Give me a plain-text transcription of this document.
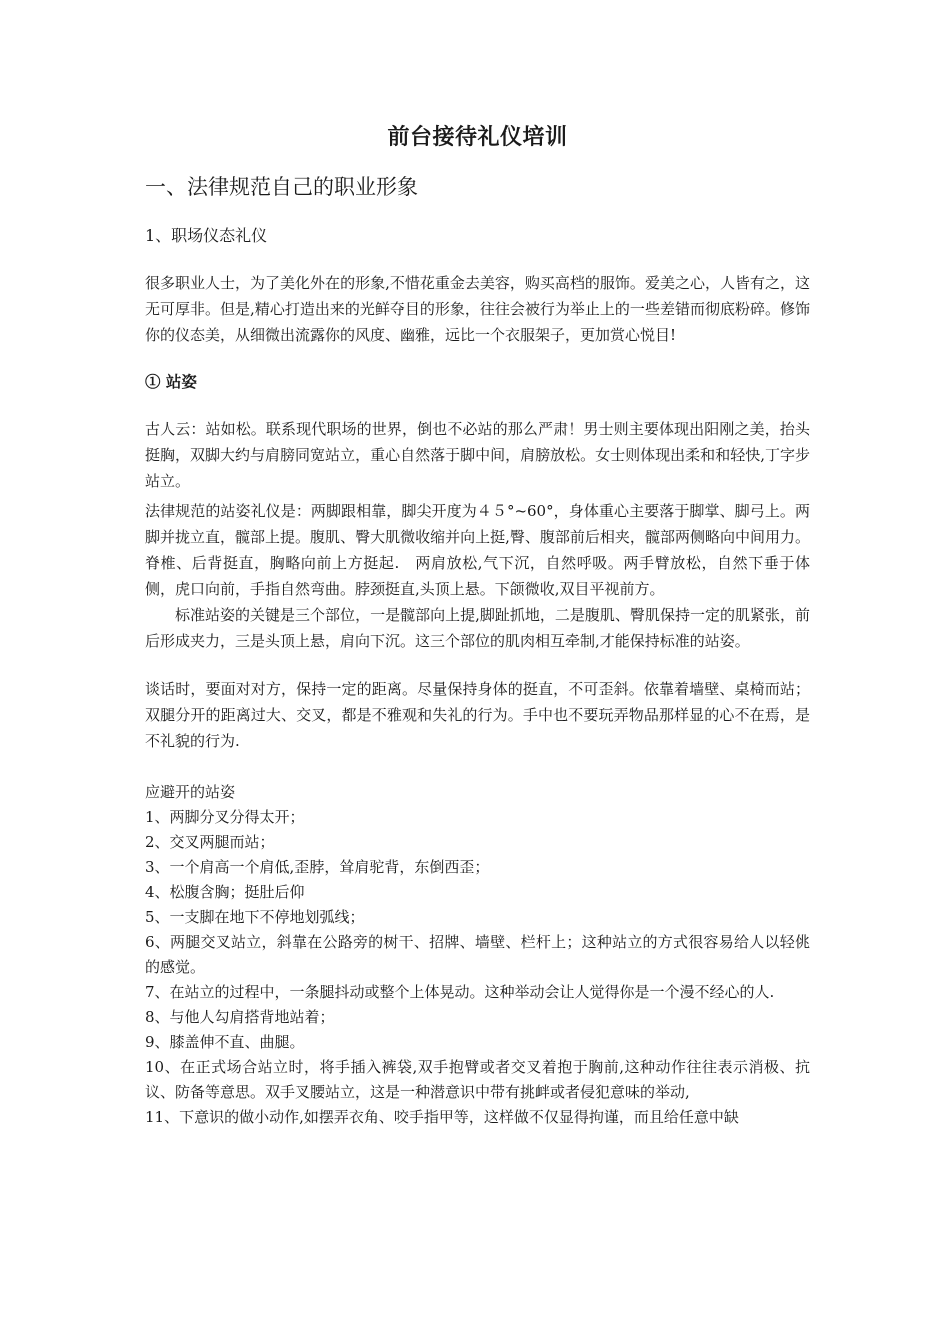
前台接待礼仪培训
一、法律规范自己的职业形象
1、职场仪态礼仪

很多职业人士，为了美化外在的形象,不惜花重金去美容，购买高档的服饰。爱美之心，人皆有之，这无可厚非。但是,精心打造出来的光鲜夺目的形象，往往会被行为举止上的一些差错而彻底粉碎。修饰你的仪态美，从细微出流露你的风度、幽雅，远比一个衣服架子，更加赏心悦目!

① 站姿

古人云：站如松。联系现代职场的世界，倒也不必站的那么严肃！男士则主要体现出阳刚之美，抬头挺胸，双脚大约与肩膀同宽站立，重心自然落于脚中间，肩膀放松。女士则体现出柔和和轻快,丁字步站立。

法律规范的站姿礼仪是：两脚跟相靠，脚尖开度为４５°~60°，身体重心主要落于脚掌、脚弓上。两脚并拢立直，髋部上提。腹肌、臀大肌微收缩并向上挺,臀、腹部前后相夹，髋部两侧略向中间用力。脊椎、后背挺直，胸略向前上方挺起.　两肩放松,气下沉，自然呼吸。两手臂放松，自然下垂于体侧，虎口向前，手指自然弯曲。脖颈挺直,头顶上悬。下颌微收,双目平视前方。

标准站姿的关键是三个部位，一是髋部向上提,脚趾抓地，二是腹肌、臀肌保持一定的肌紧张，前后形成夹力，三是头顶上悬，肩向下沉。这三个部位的肌肉相互牵制,才能保持标准的站姿。

谈话时，要面对对方，保持一定的距离。尽量保持身体的挺直，不可歪斜。依靠着墙壁、桌椅而站；双腿分开的距离过大、交叉，都是不雅观和失礼的行为。手中也不要玩弄物品那样显的心不在焉，是不礼貌的行为.

应避开的站姿
1、两脚分叉分得太开；
2、交叉两腿而站；
3、一个肩高一个肩低,歪脖，耸肩驼背，东倒西歪；
4、松腹含胸；挺肚后仰
5、一支脚在地下不停地划弧线；
6、两腿交叉站立，斜靠在公路旁的树干、招牌、墙壁、栏杆上；这种站立的方式很容易给人以轻佻的感觉。
7、在站立的过程中，一条腿抖动或整个上体晃动。这种举动会让人觉得你是一个漫不经心的人.
8、与他人勾肩搭背地站着；
9、膝盖伸不直、曲腿。
10、在正式场合站立时，将手插入裤袋,双手抱臂或者交叉着抱于胸前,这种动作往往表示消极、抗议、防备等意思。双手叉腰站立，这是一种潜意识中带有挑衅或者侵犯意味的举动,
11、下意识的做小动作,如摆弄衣角、咬手指甲等，这样做不仅显得拘谨，而且给任意中缺
